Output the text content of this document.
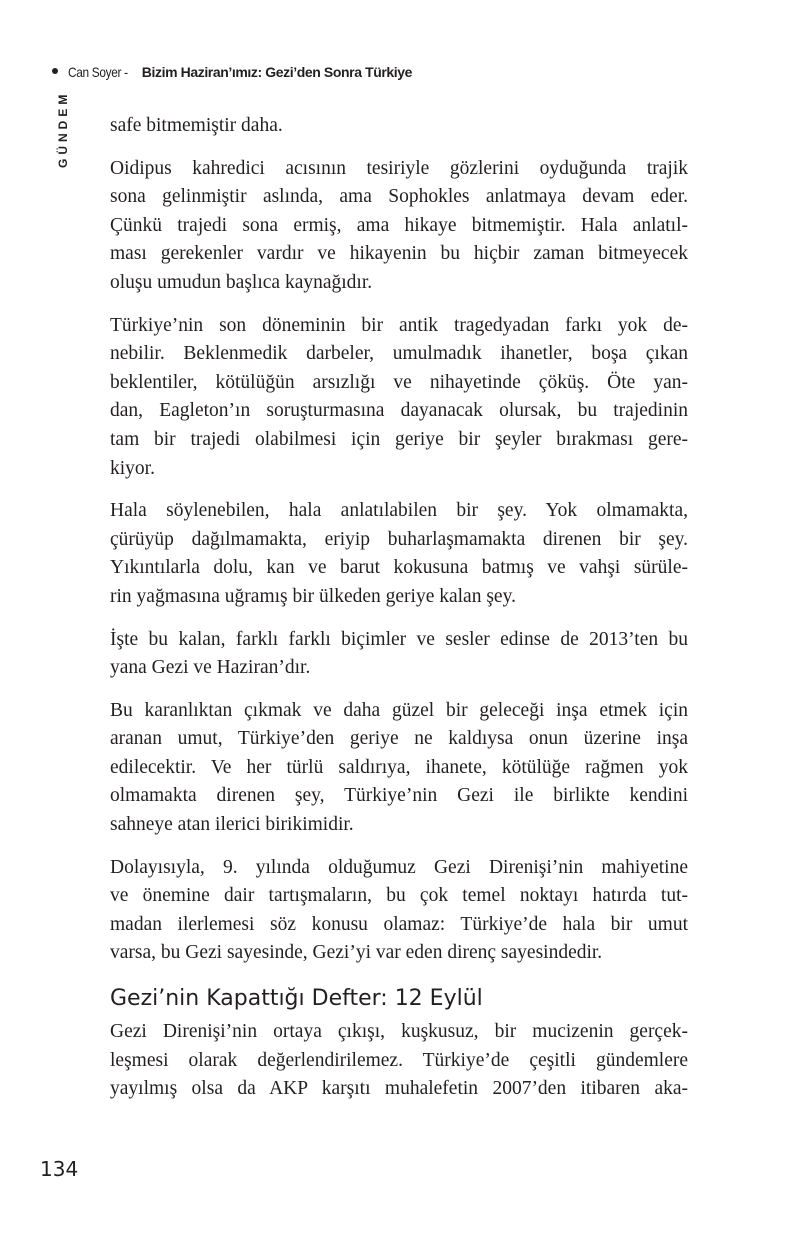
Can Soyer - Bizim Haziran’ımız: Gezi’den Sonra Türkiye
GÜNDEM safe bitmemiştir daha.
Oidipus kahredici acısının tesiriyle gözlerini oyduğunda trajik
sona gelinmiştir aslında, ama Sophokles anlatmaya devam eder.
Çünkü trajedi sona ermiş, ama hikaye bitmemiştir. Hala anlatıl-
ması gerekenler vardır ve hikayenin bu hiçbir zaman bitmeyecek
oluşu umudun başlıca kaynağıdır.
Türkiye’nin son döneminin bir antik tragedyadan farkı yok de-
nebilir. Beklenmedik darbeler, umulmadık ihanetler, boşa çıkan
beklentiler, kötülüğün arsızlığı ve nihayetinde çöküş. Öte yan-
dan, Eagleton’ın soruşturmasına dayanacak olursak, bu trajedinin
tam bir trajedi olabilmesi için geriye bir şeyler bırakması gere-
kiyor.
Hala söylenebilen, hala anlatılabilen bir şey. Yok olmamakta,
çürüyüp dağılmamakta, eriyip buharlaşmamakta direnen bir şey.
Yıkıntılarla dolu, kan ve barut kokusuna batmış ve vahşi sürüle-
rin yağmasına uğramış bir ülkeden geriye kalan şey.
İşte bu kalan, farklı farklı biçimler ve sesler edinse de 2013’ten bu
yana Gezi ve Haziran’dır.
Bu karanlıktan çıkmak ve daha güzel bir geleceği inşa etmek için
aranan umut, Türkiye’den geriye ne kaldıysa onun üzerine inşa
edilecektir. Ve her türlü saldırıya, ihanete, kötülüğe rağmen yok
olmamakta direnen şey, Türkiye’nin Gezi ile birlikte kendini
sahneye atan ilerici birikimidir.
Dolayısıyla, 9. yılında olduğumuz Gezi Direnişi’nin mahiyetine
ve önemine dair tartışmaların, bu çok temel noktayı hatırda tut-
madan ilerlemesi söz konusu olamaz: Türkiye’de hala bir umut
varsa, bu Gezi sayesinde, Gezi’yi var eden direnç sayesindedir.
Gezi’nin Kapattığı Defter: 12 Eylül
Gezi Direnişi’nin ortaya çıkışı, kuşkusuz, bir mucizenin gerçek-
leşmesi olarak değerlendirilemez. Türkiye’de çeşitli gündemlere
yayılmış olsa da AKP karşıtı muhalefetin 2007’den itibaren aka-
134
